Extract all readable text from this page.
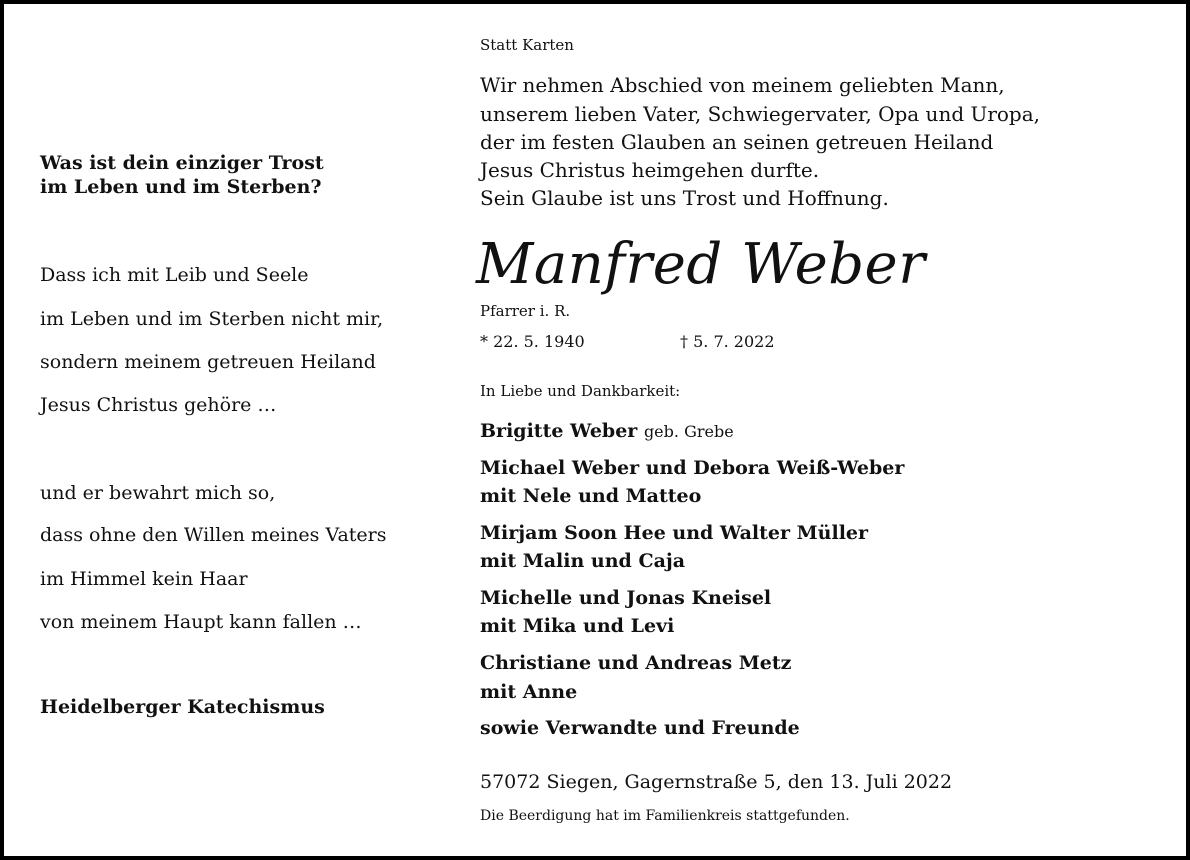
Was ist dein einziger Trost

im Leben und im Sterben?

Dass ich mit Leib und Seele

im Leben und im Sterben nicht mir,

sondern meinem getreuen Heiland

Jesus Christus gehöre …

und er bewahrt mich so,

dass ohne den Willen meines Vaters

im Himmel kein Haar

von meinem Haupt kann fallen …

Heidelberger Katechismus

Statt Karten

Wir nehmen Abschied von meinem geliebten Mann,

unserem lieben Vater, Schwiegervater, Opa und Uropa,

der im festen Glauben an seinen getreuen Heiland

Jesus Christus heimgehen durfte.

Sein Glaube ist uns Trost und Hoffnung.

Manfred Weber

Pfarrer i. R.

* 22. 5. 1940	† 5. 7. 2022

In Liebe und Dankbarkeit:

Brigitte Weber geb. Grebe

Michael Weber und Debora Weiß-Weber

mit Nele und Matteo

Mirjam Soon Hee und Walter Müller

mit Malin und Caja

Michelle und Jonas Kneisel

mit Mika und Levi

Christiane und Andreas Metz

mit Anne

sowie Verwandte und Freunde

57072 Siegen, Gagernstraße 5, den 13. Juli 2022

Die Beerdigung hat im Familienkreis stattgefunden.
